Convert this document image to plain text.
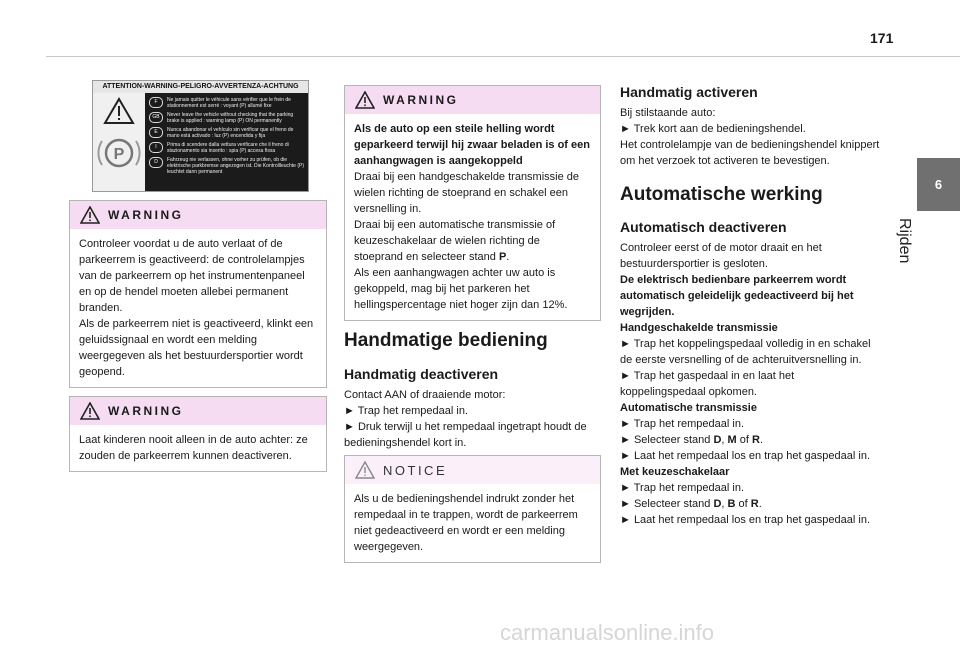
171
6
Rijden
ATTENTION-WARNING-PELIGRO-AVVERTENZA-ACHTUNG
P
F	Ne jamais quitter le véhicule sans vérifier que le frein de stationnement est serré : voyant (P) allumé fixe
GB	Never leave the vehicle without checking that the parking brake is applied : warning lamp (P) ON permanently
E	Nunca abandonar el vehículo sin verificar que el freno de mano está activado : luz (P) encendida y fija
I	Prima di scendere dalla vettura verificare che il freno di stazionamento sia inserito : spia (P) accesa fissa
D	Fahrzeug nie verlassen, ohne vorher zu prüfen, ob die elektrische parkbremse angezogen ist. Die Kontrollleuchte (P) leuchtet dann permanent
WARNING

Controleer voordat u de auto verlaat of de parkeerrem is geactiveerd: de controlelampjes van de parkeerrem op het instrumentenpaneel en op de hendel moeten allebei permanent branden.

Als de parkeerrem niet is geactiveerd, klinkt een geluidssignaal en wordt een melding weergegeven als het bestuurdersportier wordt geopend.

WARNING

Laat kinderen nooit alleen in de auto achter: ze zouden de parkeerrem kunnen deactiveren.

WARNING

Als de auto op een steile helling wordt geparkeerd terwijl hij zwaar beladen is of een aanhangwagen is aangekoppeld

Draai bij een handgeschakelde transmissie de wielen richting de stoeprand en schakel een versnelling in.

Draai bij een automatische transmissie of keuzeschakelaar de wielen richting de stoeprand en selecteer stand P.

Als een aanhangwagen achter uw auto is gekoppeld, mag bij het parkeren het hellingspercentage niet hoger zijn dan 12%.

Handmatige bediening
Handmatig deactiveren

Contact AAN of draaiende motor:

► Trap het rempedaal in.

► Druk terwijl u het rempedaal ingetrapt houdt de bedieningshendel kort in.

NOTICE

Als u de bedieningshendel indrukt zonder het rempedaal in te trappen, wordt de parkeerrem niet gedeactiveerd en wordt er een melding weergegeven.

Handmatig activeren

Bij stilstaande auto:

► Trek kort aan de bedieningshendel.

Het controlelampje van de bedieningshendel knippert om het verzoek tot activeren te bevestigen.

Automatische werking
Automatisch deactiveren

Controleer eerst of de motor draait en het bestuurdersportier is gesloten.

De elektrisch bedienbare parkeerrem wordt automatisch geleidelijk gedeactiveerd bij het wegrijden.

Handgeschakelde transmissie

► Trap het koppelingspedaal volledig in en schakel de eerste versnelling of de achteruitversnelling in.

► Trap het gaspedaal in en laat het koppelingspedaal opkomen.

Automatische transmissie

► Trap het rempedaal in.

► Selecteer stand D, M of R.

► Laat het rempedaal los en trap het gaspedaal in.

Met keuzeschakelaar

► Trap het rempedaal in.

► Selecteer stand D, B of R.

► Laat het rempedaal los en trap het gaspedaal in.

carmanualsonline.info
